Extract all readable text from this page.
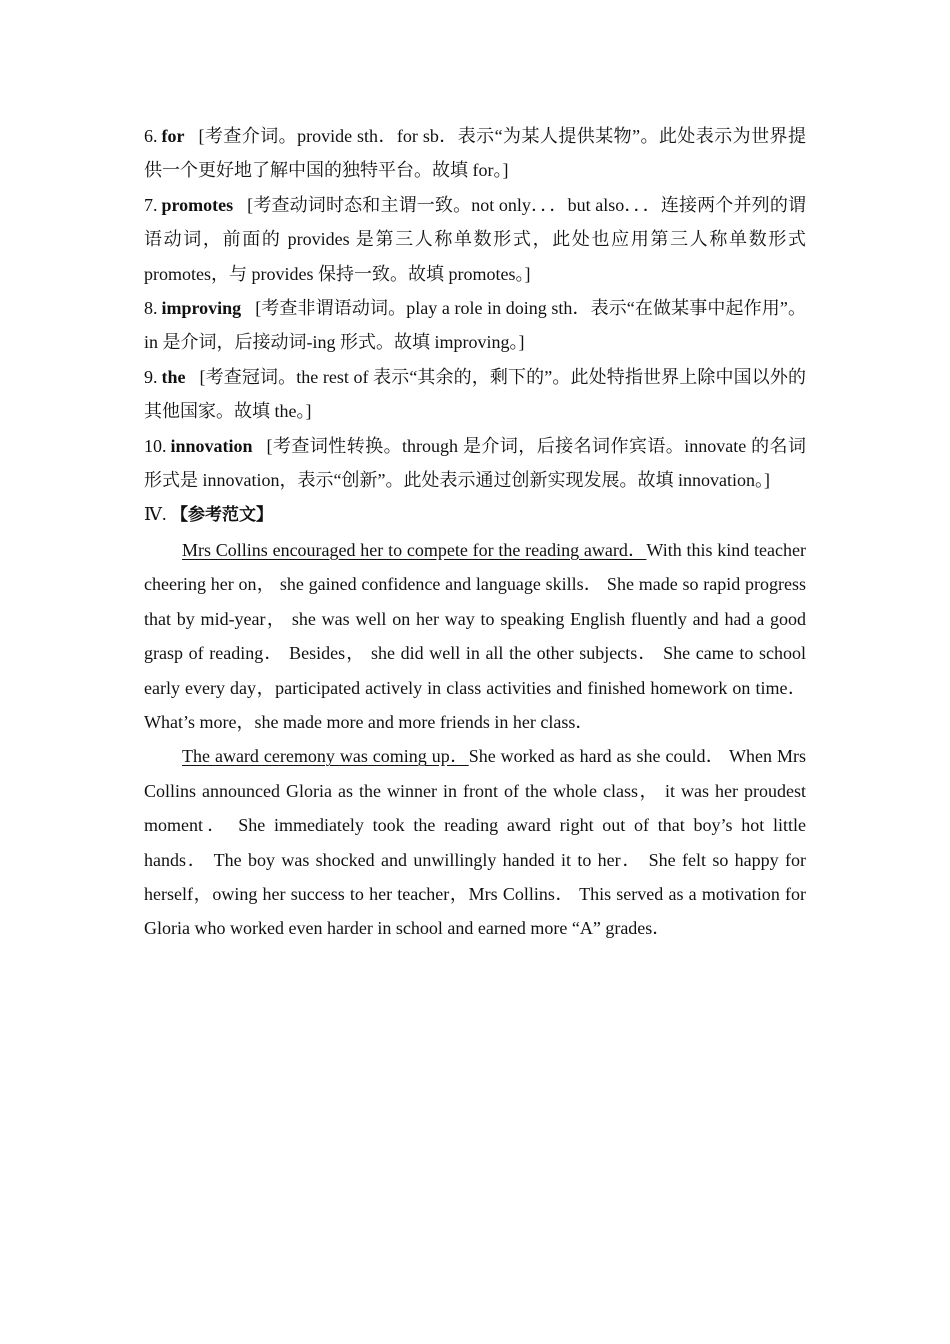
6. for [考查介词。provide sth．for sb．表示“为某人提供某物”。此处表示为世界提供一个更好地了解中国的独特平台。故填 for。]

7. promotes [考查动词时态和主谓一致。not only．．．but also．．．连接两个并列的谓语动词，前面的 provides 是第三人称单数形式，此处也应用第三人称单数形式 promotes，与 provides 保持一致。故填 promotes。]

8. improving [考查非谓语动词。play a role in doing sth．表示“在做某事中起作用”。in 是介词，后接动词-ing 形式。故填 improving。]

9. the [考查冠词。the rest of 表示“其余的，剩下的”。此处特指世界上除中国以外的其他国家。故填 the。]

10. innovation [考查词性转换。through 是介词，后接名词作宾语。innovate 的名词形式是 innovation，表示“创新”。此处表示通过创新实现发展。故填 innovation。]

Ⅳ. 【参考范文】

Mrs Collins encouraged her to compete for the reading award．With this kind teacher cheering her on， she gained confidence and language skills． She made so rapid progress that by mid-year， she was well on her way to speaking English fluently and had a good grasp of reading． Besides， she did well in all the other subjects． She came to school early every day，participated actively in class activities and finished homework on time． What’s more，she made more and more friends in her class．

The award ceremony was coming up．She worked as hard as she could． When Mrs Collins announced Gloria as the winner in front of the whole class， it was her proudest moment． She immediately took the reading award right out of that boy’s hot little hands． The boy was shocked and unwillingly handed it to her． She felt so happy for herself，owing her success to her teacher，Mrs Collins． This served as a motivation for Gloria who worked even harder in school and earned more “A” grades．
